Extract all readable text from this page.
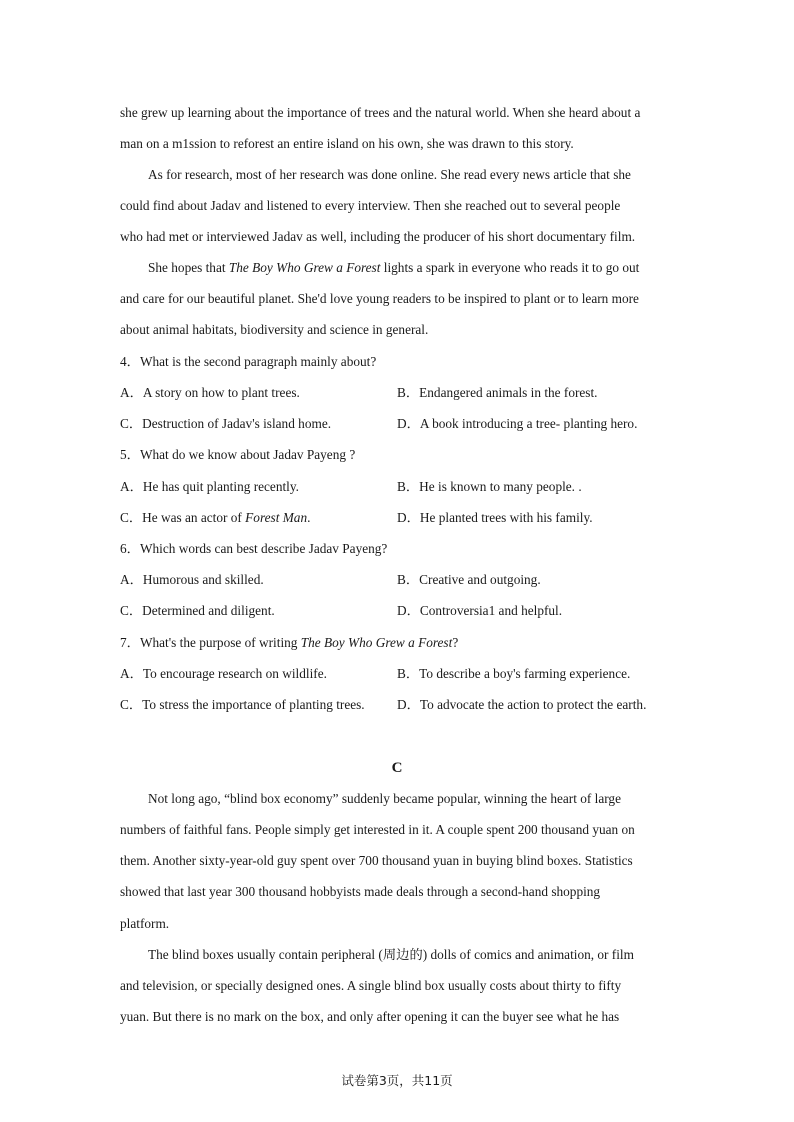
she grew up learning about the importance of trees and the natural world. When she heard about a
man on a m1ssion to reforest an entire island on his own, she was drawn to this story.
As for research, most of her research was done online. She read every news article that she
could find about Jadav and listened to every interview. Then she reached out to several people
who had met or interviewed Jadav as well, including the producer of his short documentary film.
She hopes that The Boy Who Grew a Forest lights a spark in everyone who reads it to go out
and care for our beautiful planet. She'd love young readers to be inspired to plant or to learn more
about animal habitats, biodiversity and science in general.
4．What is the second paragraph mainly about?
A．A story on how to plant trees.	B．Endangered animals in the forest.
C．Destruction of Jadav's island home.	D．A book introducing a tree- planting hero.
5．What do we know about Jadav Payeng ?
A．He has quit planting recently.	B．He is known to many people. .
C．He was an actor of Forest Man.	D．He planted trees with his family.
6．Which words can best describe Jadav Payeng?
A．Humorous and skilled.	B．Creative and outgoing.
C．Determined and diligent.	D．Controversia1 and helpful.
7．What's the purpose of writing The Boy Who Grew a Forest?
A．To encourage research on wildlife.	B．To describe a boy's farming experience.
C．To stress the importance of planting trees.	D．To advocate the action to protect the earth.
C
Not long ago, “blind box economy” suddenly became popular, winning the heart of large
numbers of faithful fans. People simply get interested in it. A couple spent 200 thousand yuan on
them. Another sixty-year-old guy spent over 700 thousand yuan in buying blind boxes. Statistics
showed that last year 300 thousand hobbyists made deals through a second-hand shopping
platform.
The blind boxes usually contain peripheral (周边的) dolls of comics and animation, or film
and television, or specially designed ones. A single blind box usually costs about thirty to fifty
yuan. But there is no mark on the box, and only after opening it can the buyer see what he has
试卷第3页，共11页
